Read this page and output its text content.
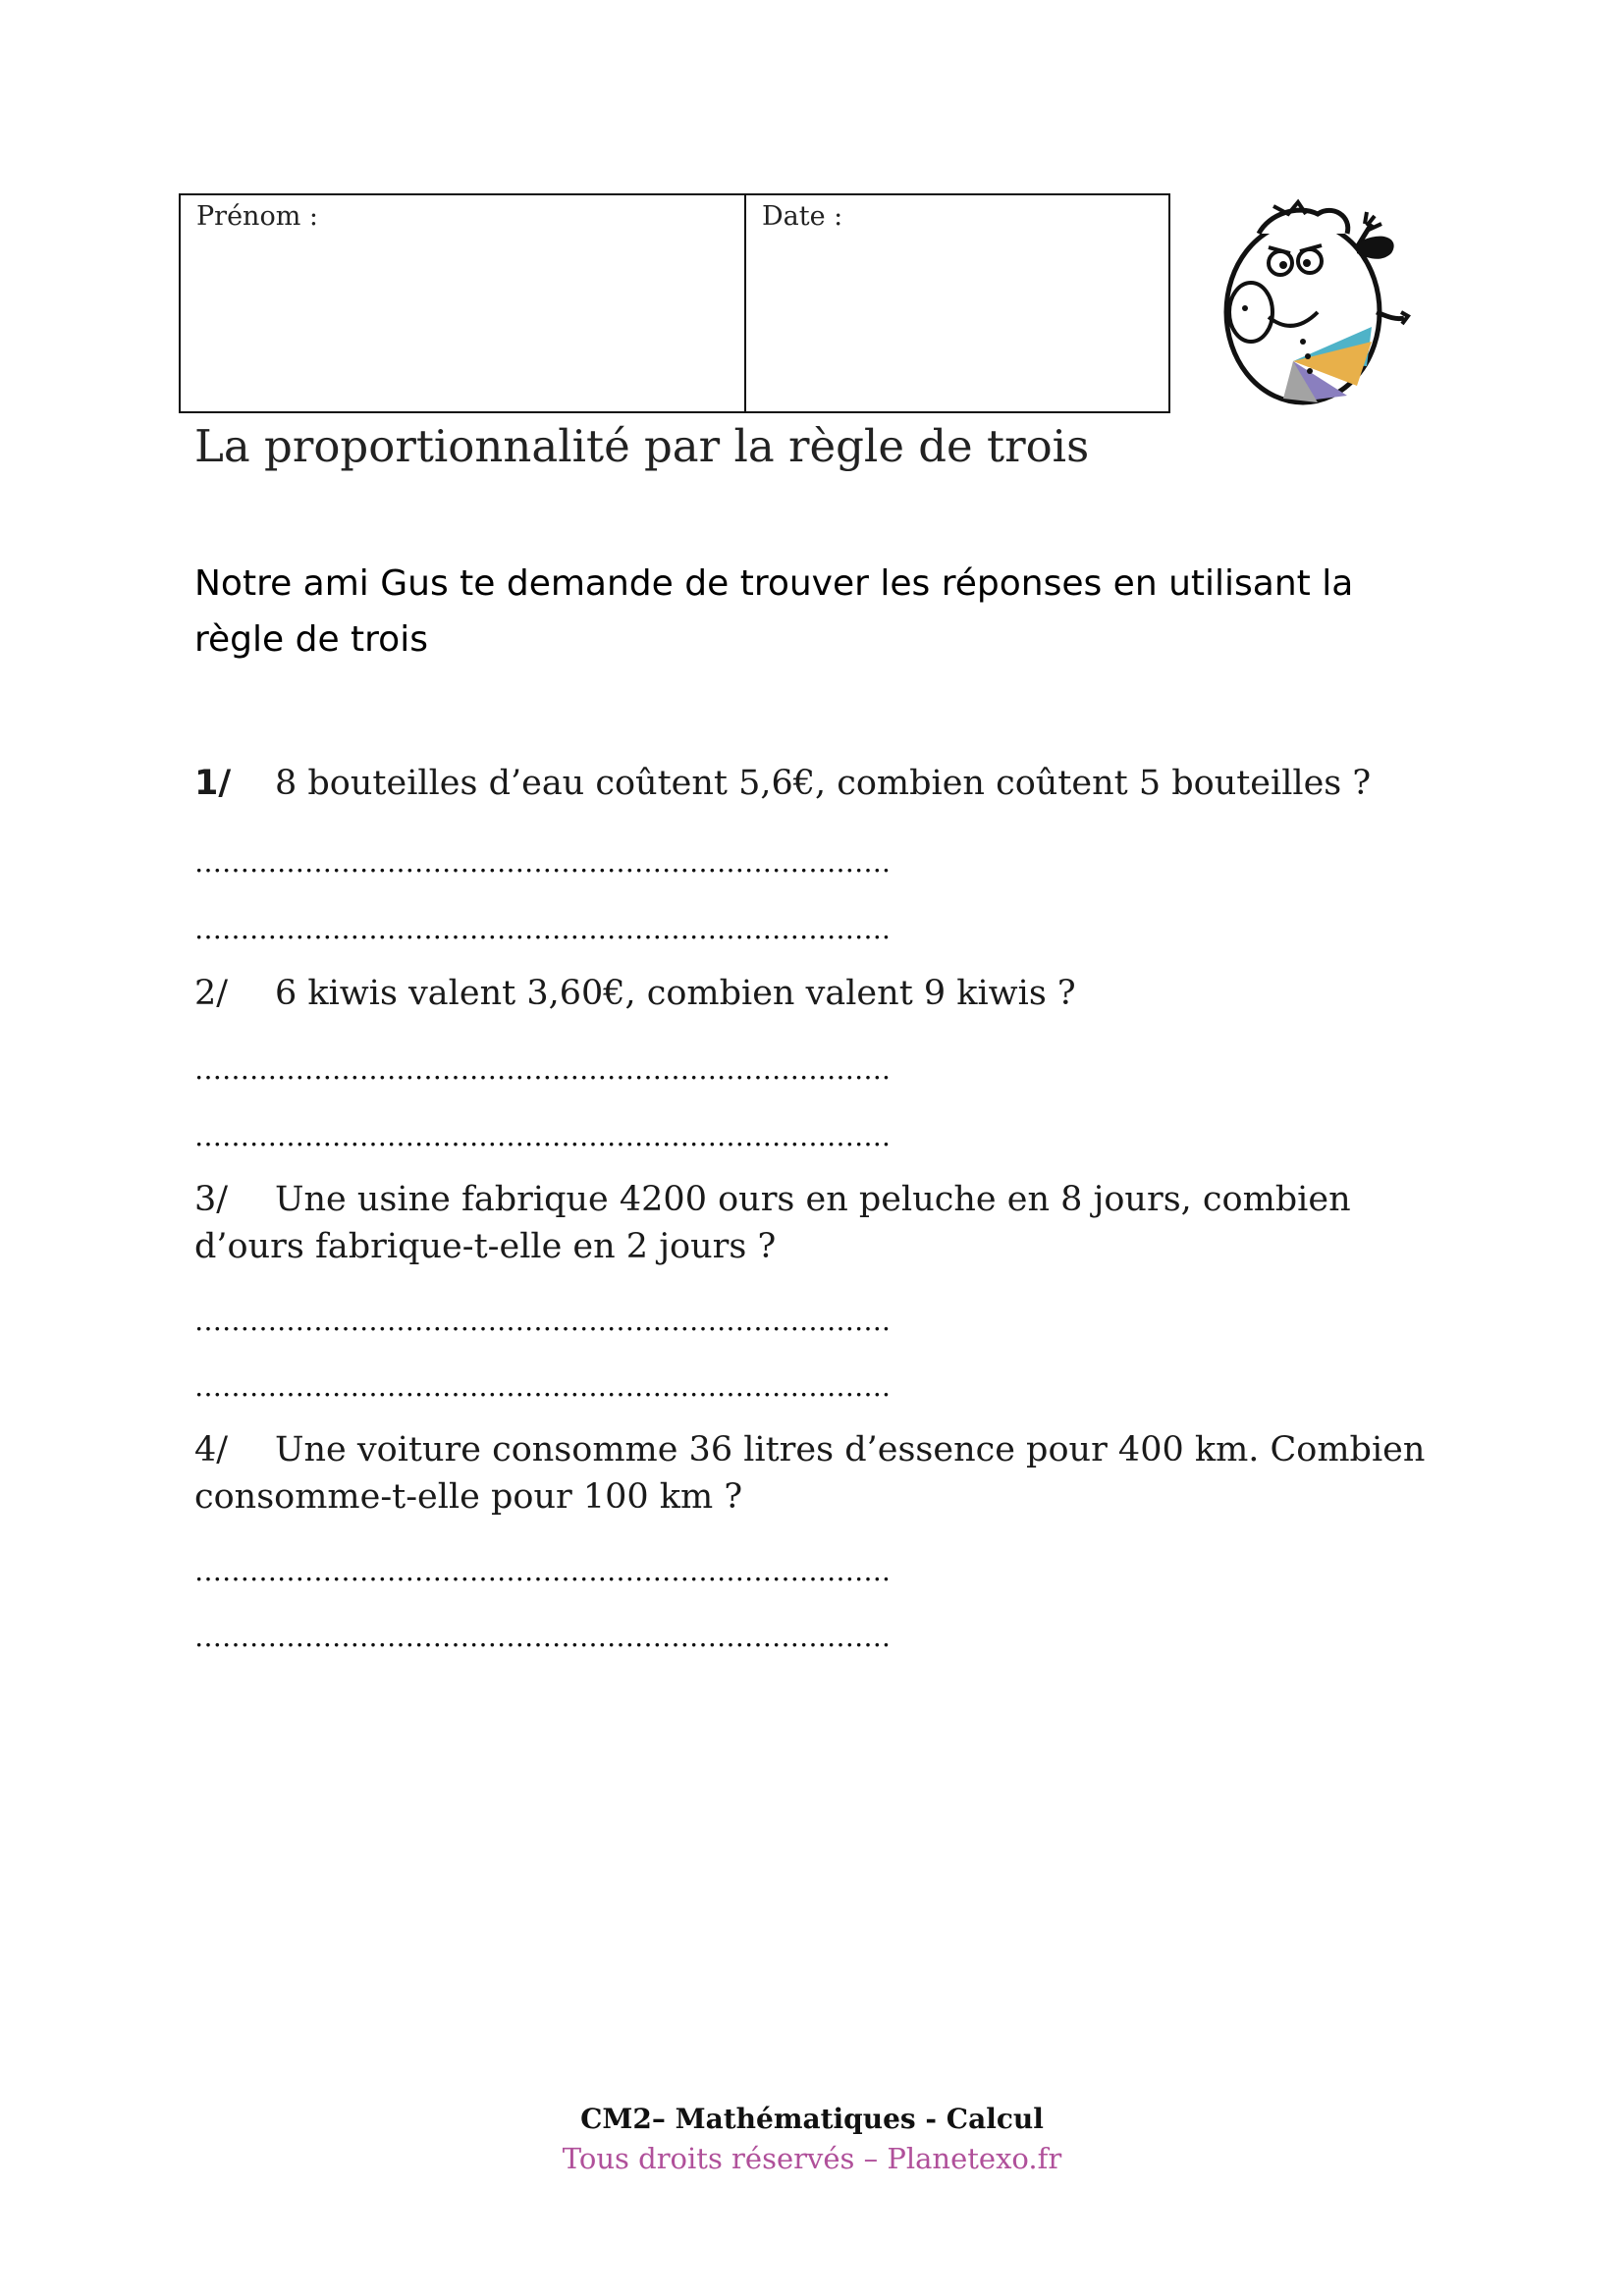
Prénom :	Date :
La proportionnalité par la règle de trois
Notre ami Gus te demande de trouver les réponses en utilisant la règle de trois
1/ 8 bouteilles d’eau coûtent 5,6€, combien coûtent 5 bouteilles ?
………………………………………………………………….
………………………………………………………………….
2/ 6 kiwis valent 3,60€, combien valent 9 kiwis ?
………………………………………………………………….
………………………………………………………………….
3/ Une usine fabrique 4200 ours en peluche en 8 jours, combien
d’ours fabrique-t-elle en 2 jours ?
………………………………………………………………….
………………………………………………………………….
4/ Une voiture consomme 36 litres d’essence pour 400 km. Combien
consomme-t-elle pour 100 km ?
………………………………………………………………….
………………………………………………………………….
CM2– Mathématiques - Calcul
Tous droits réservés – Planetexo.fr
